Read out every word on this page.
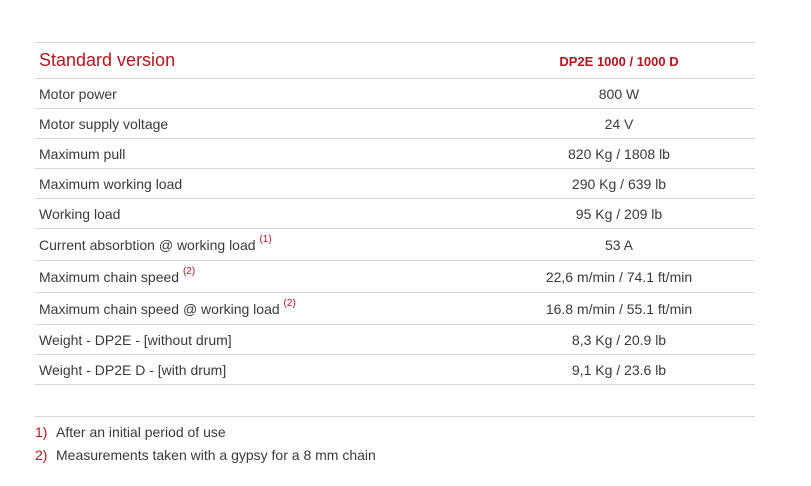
Standard version	DP2E 1000 / 1000 D
Motor power	800 W
Motor supply voltage	24 V
Maximum pull	820 Kg / 1808 lb
Maximum working load	290 Kg / 639 lb
Working load	95 Kg / 209 lb
Current absorbtion @ working load $^{(1)}$	53 A
Maximum chain speed $^{(2)}$	22,6 m/min / 74.1 ft/min
Maximum chain speed @ working load $^{(2)}$	16.8 m/min / 55.1 ft/min
Weight - DP2E - [without drum]	8,3 Kg / 20.9 lb
Weight - DP2E D - [with drum]	9,1 Kg / 23.6 lb
1) After an initial period of use
2) Measurements taken with a gypsy for a 8 mm chain
